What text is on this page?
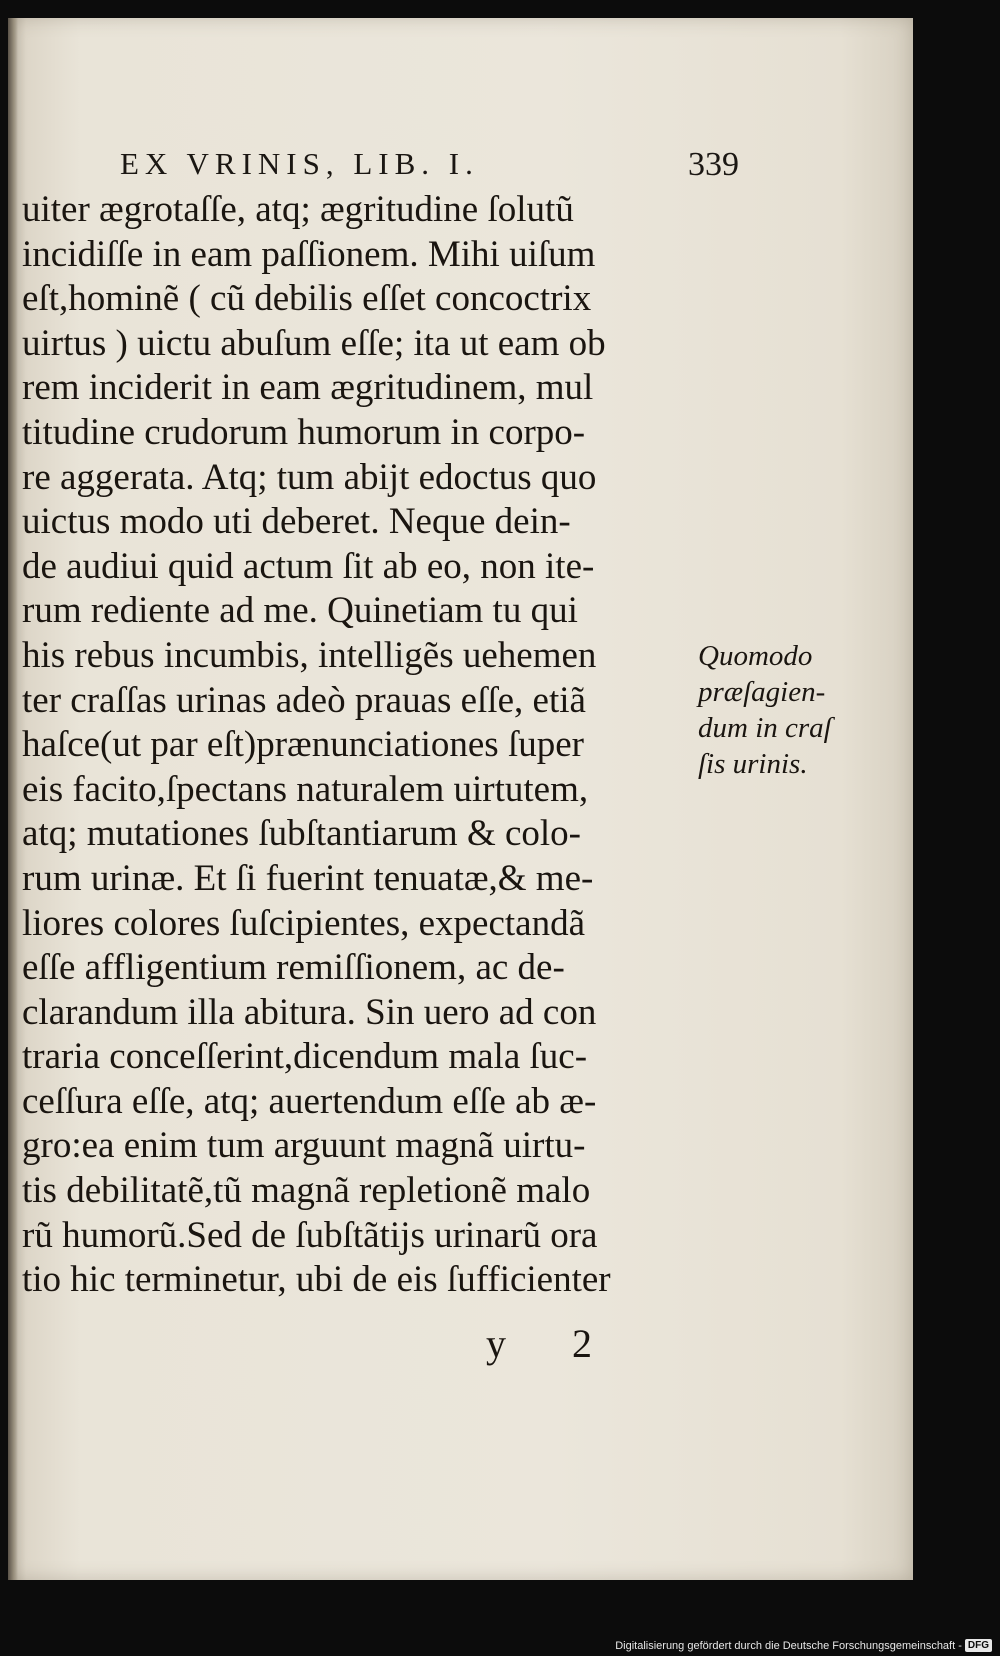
EX VRINIS, LIB. I.	339
uiter ægrotaſſe, atq; ægritudine ſolutũ
incidiſſe in eam paſſionem. Mihi uiſum
eſt,hominẽ ( cũ debilis eſſet concoctrix
uirtus ) uictu abuſum eſſe; ita ut eam ob
rem inciderit in eam ægritudinem, mul
titudine crudorum humorum in corpo-
re aggerata. Atq; tum abijt edoctus quo
uictus modo uti deberet. Neque dein-
de audiui quid actum ſit ab eo, non ite-
rum rediente ad me. Quinetiam tu qui
his rebus incumbis, intelligẽs uehemen
ter craſſas urinas adeò prauas eſſe, etiã
haſce(ut par eſt)prænunciationes ſuper
eis facito,ſpectans naturalem uirtutem,
atq; mutationes ſubſtantiarum & colo-
rum urinæ. Et ſi fuerint tenuatæ,& me-
liores colores ſuſcipientes, expectandã
eſſe affligentium remiſſionem, ac de-
clarandum illa abitura. Sin uero ad con
traria conceſſerint,dicendum mala ſuc-
ceſſura eſſe, atq; auertendum eſſe ab æ-
gro:ea enim tum arguunt magnã uirtu-
tis debilitatẽ,tũ magnã repletionẽ malo
rũ humorũ.Sed de ſubſtãtijs urinarũ ora
tio hic terminetur, ubi de eis ſufficienter
Quomodo
præſagien-
dum in craſ
ſis urinis.
y 2
Digitalisierung gefördert durch die Deutsche Forschungsgemeinschaft - DFG
